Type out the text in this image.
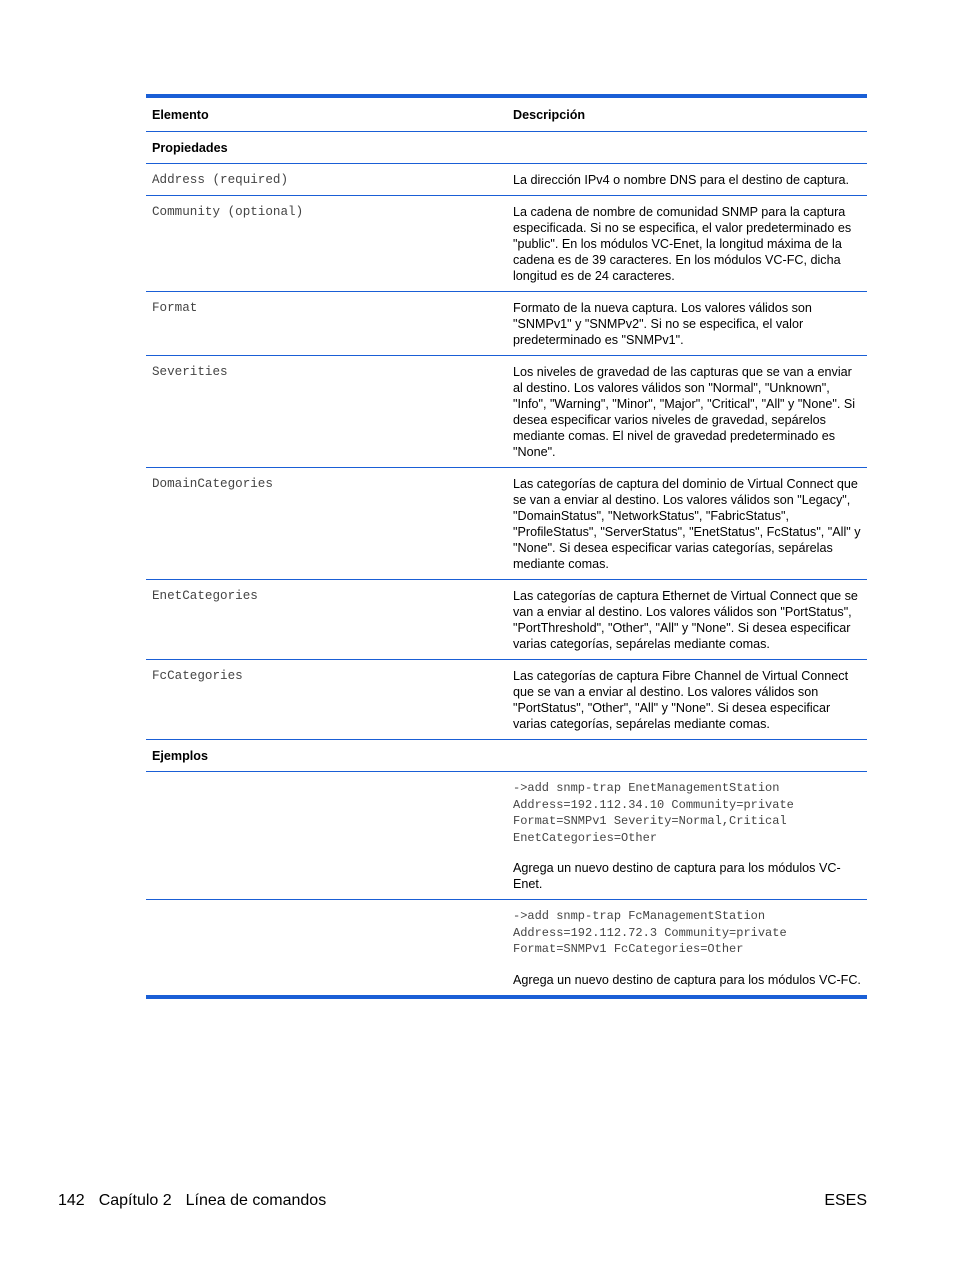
Elemento	Descripción
Propiedades	
Address (required)	La dirección IPv4 o nombre DNS para el destino de captura.
Community (optional)	La cadena de nombre de comunidad SNMP para la captura especificada. Si no se especifica, el valor predeterminado es "public". En los módulos VC-Enet, la longitud máxima de la cadena es de 39 caracteres. En los módulos VC-FC, dicha longitud es de 24 caracteres.
Format	Formato de la nueva captura. Los valores válidos son "SNMPv1" y "SNMPv2". Si no se especifica, el valor predeterminado es "SNMPv1".
Severities	Los niveles de gravedad de las capturas que se van a enviar al destino. Los valores válidos son "Normal", "Unknown", "Info", "Warning", "Minor", "Major", "Critical", "All" y "None". Si desea especificar varios niveles de gravedad, sepárelos mediante comas. El nivel de gravedad predeterminado es "None".
DomainCategories	Las categorías de captura del dominio de Virtual Connect que se van a enviar al destino. Los valores válidos son "Legacy", "DomainStatus", "NetworkStatus", "FabricStatus", "ProfileStatus", "ServerStatus", "EnetStatus", FcStatus", "All" y "None". Si desea especificar varias categorías, sepárelas mediante comas.
EnetCategories	Las categorías de captura Ethernet de Virtual Connect que se van a enviar al destino. Los valores válidos son "PortStatus", "PortThreshold", "Other", "All" y "None". Si desea especificar varias categorías, sepárelas mediante comas.
FcCategories	Las categorías de captura Fibre Channel de Virtual Connect que se van a enviar al destino. Los valores válidos son "PortStatus", "Other", "All" y "None". Si desea especificar varias categorías, sepárelas mediante comas.
Ejemplos	

	->add snmp-trap EnetManagementStation
Address=192.112.34.10 Community=private
Format=SNMPv1 Severity=Normal,Critical
EnetCategories=Other
Agrega un nuevo destino de captura para los módulos VC-Enet.

	->add snmp-trap FcManagementStation
Address=192.112.72.3 Community=private
Format=SNMPv1 FcCategories=Other
Agrega un nuevo destino de captura para los módulos VC-FC.
142 Capítulo 2 Línea de comandos	ESES
